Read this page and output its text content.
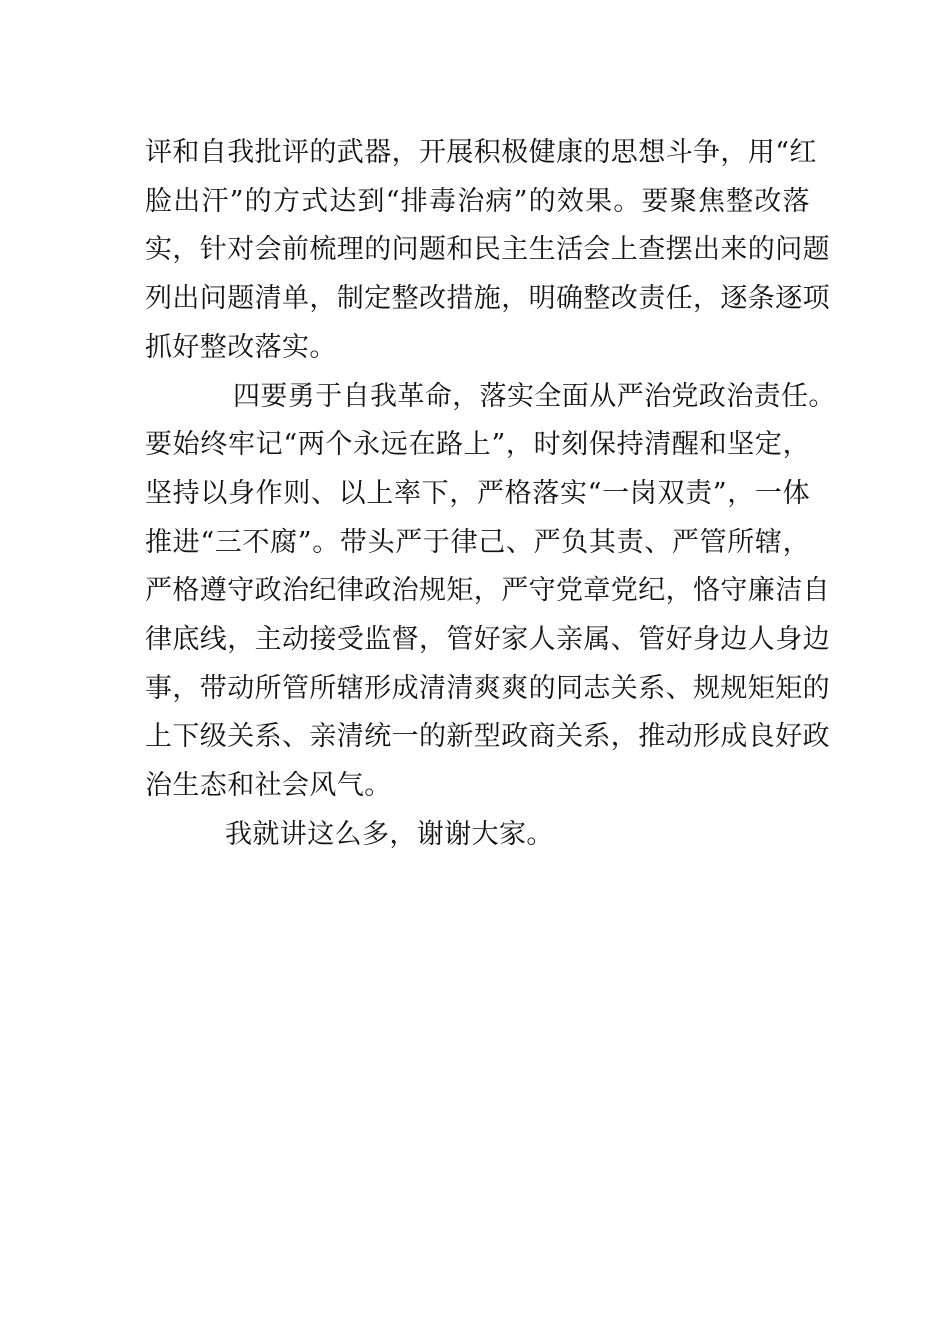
评和自我批评的武器，开展积极健康的思想斗争，用“红
脸出汗”的方式达到“排毒治病”的效果。要聚焦整改落
实，针对会前梳理的问题和民主生活会上查摆出来的问题
列出问题清单，制定整改措施，明确整改责任，逐条逐项
抓好整改落实。
四要勇于自我革命，落实全面从严治党政治责任。
要始终牢记“两个永远在路上”，时刻保持清醒和坚定，
坚持以身作则、以上率下，严格落实“一岗双责”，一体
推进“三不腐”。带头严于律己、严负其责、严管所辖，
严格遵守政治纪律政治规矩，严守党章党纪，恪守廉洁自
律底线，主动接受监督，管好家人亲属、管好身边人身边
事，带动所管所辖形成清清爽爽的同志关系、规规矩矩的
上下级关系、亲清统一的新型政商关系，推动形成良好政
治生态和社会风气。
我就讲这么多，谢谢大家。
